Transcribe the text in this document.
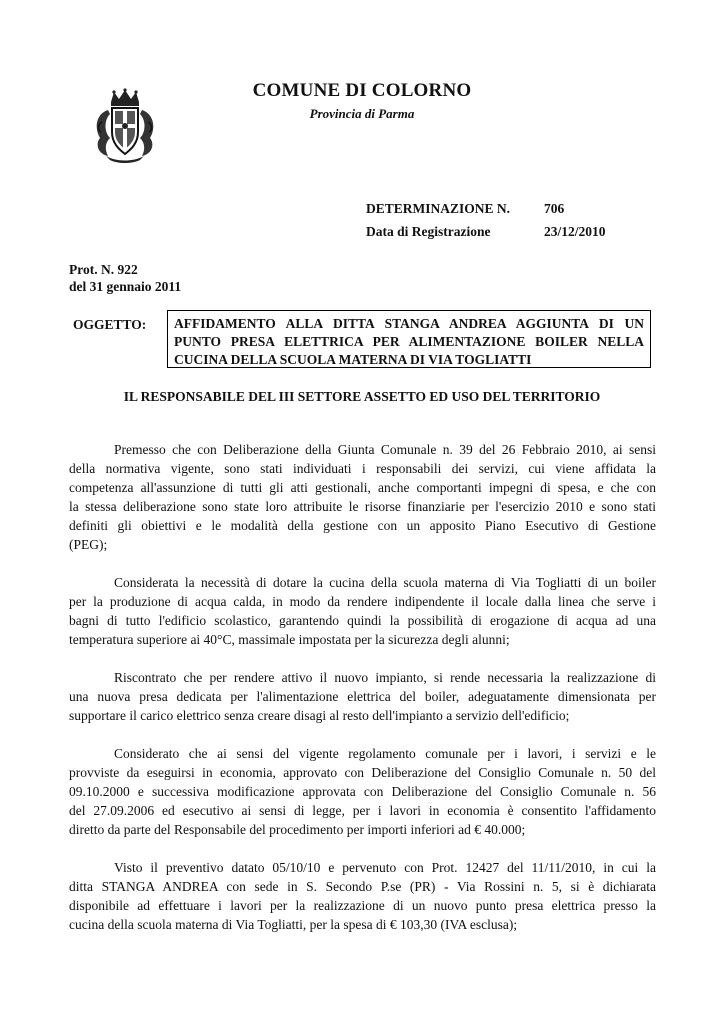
COMUNE DI COLORNO
Provincia di Parma
DETERMINAZIONE N.	706
Data di Registrazione	23/12/2010
Prot. N. 922
del 31 gennaio 2011
OGGETTO: AFFIDAMENTO ALLA DITTA STANGA ANDREA AGGIUNTA DI UN
PUNTO PRESA ELETTRICA PER ALIMENTAZIONE BOILER NELLA
CUCINA DELLA SCUOLA MATERNA DI VIA TOGLIATTI
IL RESPONSABILE DEL III SETTORE ASSETTO ED USO DEL TERRITORIO
Premesso che con Deliberazione della Giunta Comunale n. 39 del 26 Febbraio 2010, ai sensi
della normativa vigente, sono stati individuati i responsabili dei servizi, cui viene affidata la
competenza all'assunzione di tutti gli atti gestionali, anche comportanti impegni di spesa, e che con
la stessa deliberazione sono state loro attribuite le risorse finanziarie per l'esercizio 2010 e sono stati
definiti gli obiettivi e le modalità della gestione con un apposito Piano Esecutivo di Gestione
(PEG);
Considerata la necessità di dotare la cucina della scuola materna di Via Togliatti di un boiler
per la produzione di acqua calda, in modo da rendere indipendente il locale dalla linea che serve i
bagni di tutto l'edificio scolastico, garantendo quindi la possibilità di erogazione di acqua ad una
temperatura superiore ai 40°C, massimale impostata per la sicurezza degli alunni;
Riscontrato che per rendere attivo il nuovo impianto, si rende necessaria la realizzazione di
una nuova presa dedicata per l'alimentazione elettrica del boiler, adeguatamente dimensionata per
supportare il carico elettrico senza creare disagi al resto dell'impianto a servizio dell'edificio;
Considerato che ai sensi del vigente regolamento comunale per i lavori, i servizi e le
provviste da eseguirsi in economia, approvato con Deliberazione del Consiglio Comunale n. 50 del
09.10.2000 e successiva modificazione approvata con Deliberazione del Consiglio Comunale n. 56
del 27.09.2006 ed esecutivo ai sensi di legge, per i lavori in economia è consentito l'affidamento
diretto da parte del Responsabile del procedimento per importi inferiori ad € 40.000;
Visto il preventivo datato 05/10/10 e pervenuto con Prot. 12427 del 11/11/2010, in cui la
ditta STANGA ANDREA con sede in S. Secondo P.se (PR) - Via Rossini n. 5, si è dichiarata
disponibile ad effettuare i lavori per la realizzazione di un nuovo punto presa elettrica presso la
cucina della scuola materna di Via Togliatti, per la spesa di € 103,30 (IVA esclusa);
